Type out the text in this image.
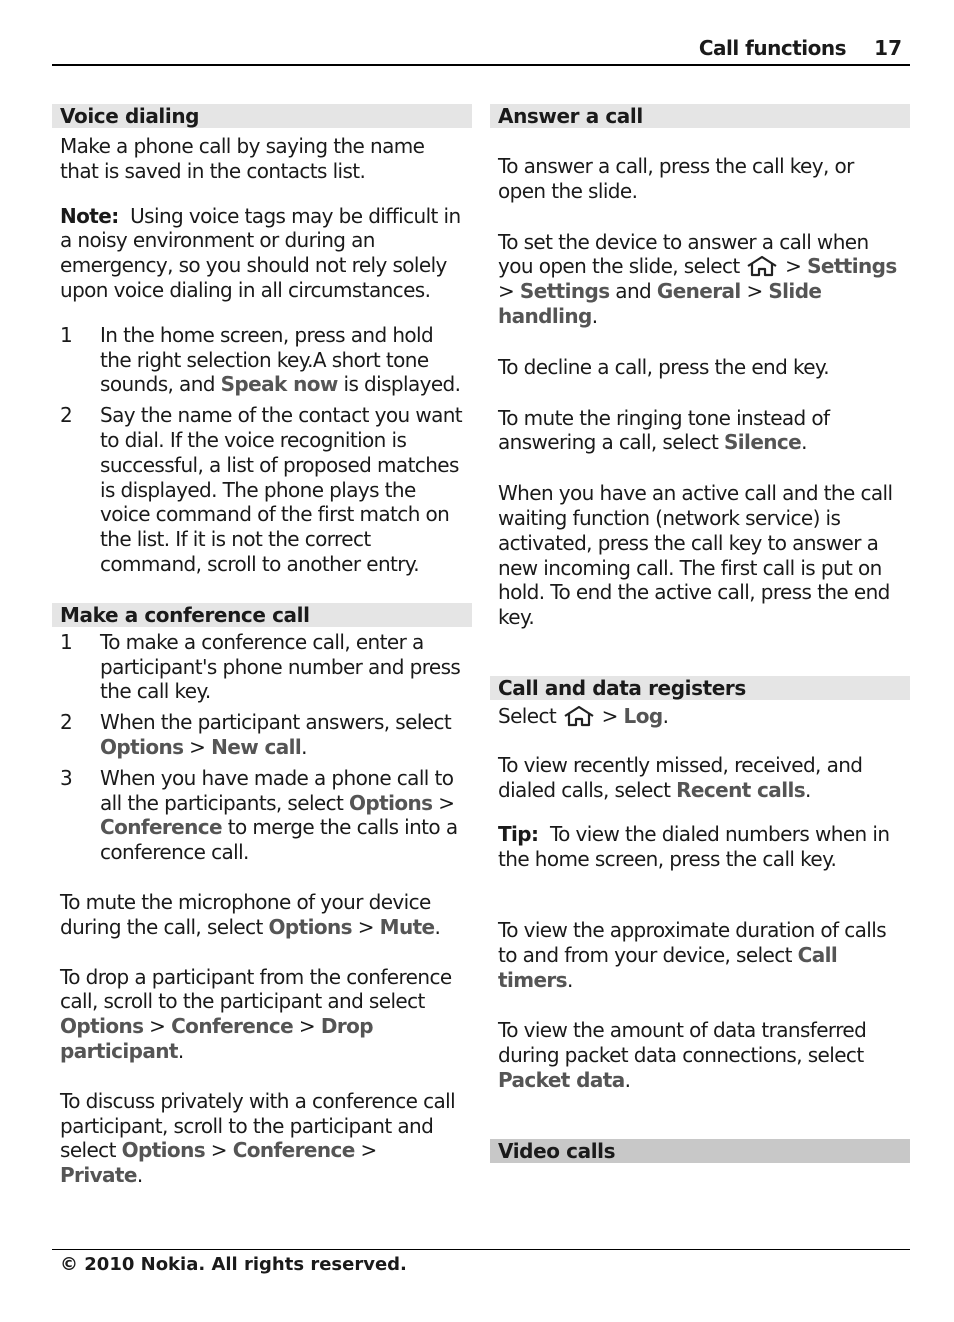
Call functions 17
Voice dialing

Make a phone call by saying the name that is saved in the contacts list.

Note: Using voice tags may be difficult in a noisy environment or during an emergency, so you should not rely solely upon voice dialing in all circumstances.

1	In the home screen, press and hold the right selection key.A short tone sounds, and Speak now is displayed.
2	Say the name of the contact you want to dial. If the voice recognition is successful, a list of proposed matches is displayed. The phone plays the voice command of the first match on the list. If it is not the correct command, scroll to another entry.
Make a conference call
1	To make a conference call, enter a participant's phone number and press the call key.
2	When the participant answers, select Options > New call.
3	When you have made a phone call to all the participants, select Options > Conference to merge the calls into a conference call.

To mute the microphone of your device during the call, select Options > Mute.

To drop a participant from the conference call, scroll to the participant and select Options > Conference > Drop participant.

To discuss privately with a conference call participant, scroll to the participant and select Options > Conference > Private.

Answer a call

To answer a call, press the call key, or open the slide.

To set the device to answer a call when you open the slide, select  > Settings > Settings and General > Slide handling.

To decline a call, press the end key.

To mute the ringing tone instead of answering a call, select Silence.

When you have an active call and the call waiting function (network service) is activated, press the call key to answer a new incoming call. The first call is put on hold. To end the active call, press the end key.

Call and data registers

Select  > Log.

To view recently missed, received, and dialed calls, select Recent calls.

Tip: To view the dialed numbers when in the home screen, press the call key.

To view the approximate duration of calls to and from your device, select Call timers.

To view the amount of data transferred during packet data connections, select Packet data.

Video calls
© 2010 Nokia. All rights reserved.
